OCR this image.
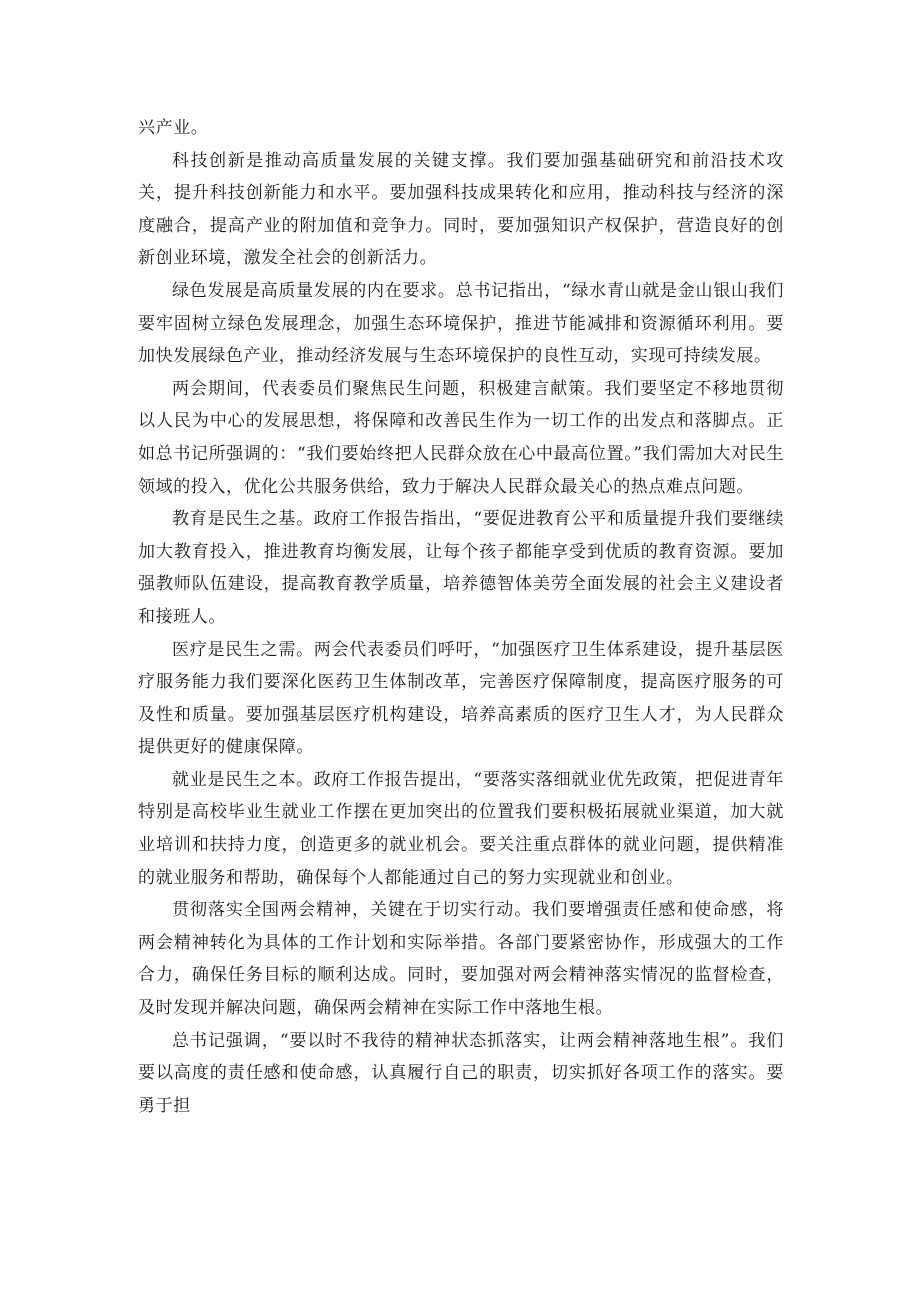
兴产业。

科技创新是推动高质量发展的关键支撑。我们要加强基础研究和前沿技术攻关，提升科技创新能力和水平。要加强科技成果转化和应用，推动科技与经济的深度融合，提高产业的附加值和竞争力。同时，要加强知识产权保护，营造良好的创新创业环境，激发全社会的创新活力。

绿色发展是高质量发展的内在要求。总书记指出，“绿水青山就是金山银山我们要牢固树立绿色发展理念，加强生态环境保护，推进节能减排和资源循环利用。要加快发展绿色产业，推动经济发展与生态环境保护的良性互动，实现可持续发展。

两会期间，代表委员们聚焦民生问题，积极建言献策。我们要坚定不移地贯彻以人民为中心的发展思想，将保障和改善民生作为一切工作的出发点和落脚点。正如总书记所强调的：“我们要始终把人民群众放在心中最高位置。”我们需加大对民生领域的投入，优化公共服务供给，致力于解决人民群众最关心的热点难点问题。

教育是民生之基。政府工作报告指出，“要促进教育公平和质量提升我们要继续加大教育投入，推进教育均衡发展，让每个孩子都能享受到优质的教育资源。要加强教师队伍建设，提高教育教学质量，培养德智体美劳全面发展的社会主义建设者和接班人。

医疗是民生之需。两会代表委员们呼吁，“加强医疗卫生体系建设，提升基层医疗服务能力我们要深化医药卫生体制改革，完善医疗保障制度，提高医疗服务的可及性和质量。要加强基层医疗机构建设，培养高素质的医疗卫生人才，为人民群众提供更好的健康保障。

就业是民生之本。政府工作报告提出，“要落实落细就业优先政策，把促进青年特别是高校毕业生就业工作摆在更加突出的位置我们要积极拓展就业渠道，加大就业培训和扶持力度，创造更多的就业机会。要关注重点群体的就业问题，提供精准的就业服务和帮助，确保每个人都能通过自己的努力实现就业和创业。

贯彻落实全国两会精神，关键在于切实行动。我们要增强责任感和使命感，将两会精神转化为具体的工作计划和实际举措。各部门要紧密协作，形成强大的工作合力，确保任务目标的顺利达成。同时，要加强对两会精神落实情况的监督检查，及时发现并解决问题，确保两会精神在实际工作中落地生根。

总书记强调，“要以时不我待的精神状态抓落实，让两会精神落地生根”。我们要以高度的责任感和使命感，认真履行自己的职责，切实抓好各项工作的落实。要勇于担
